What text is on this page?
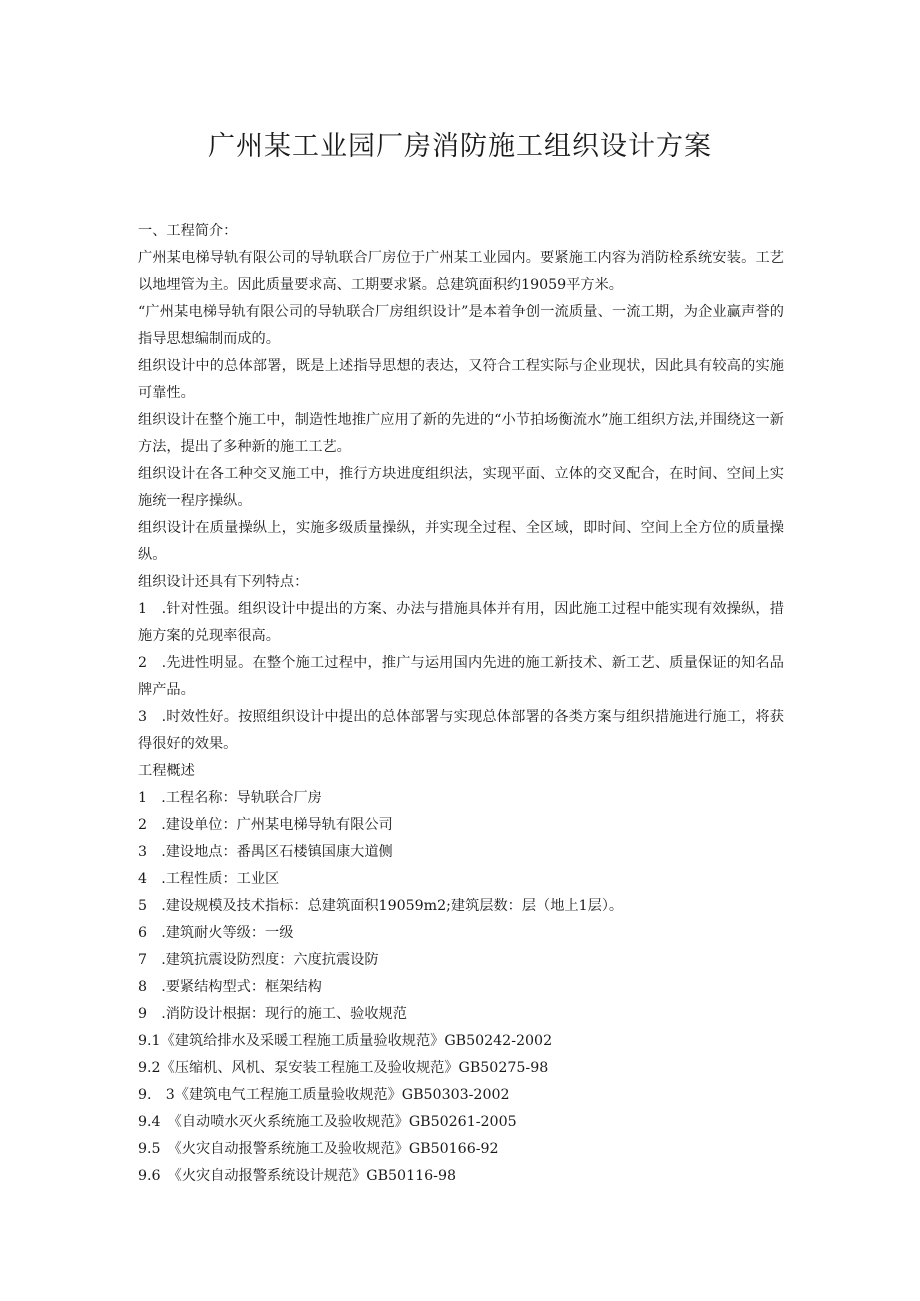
广州某工业园厂房消防施工组织设计方案

一、工程简介：

广州某电梯导轨有限公司的导轨联合厂房位于广州某工业园内。要紧施工内容为消防栓系统安装。工艺以地埋管为主。因此质量要求高、工期要求紧。总建筑面积约19059平方米。

“广州某电梯导轨有限公司的导轨联合厂房组织设计”是本着争创一流质量、一流工期，为企业赢声誉的指导思想编制而成的。

组织设计中的总体部署，既是上述指导思想的表达，又符合工程实际与企业现状，因此具有较高的实施可靠性。

组织设计在整个施工中，制造性地推广应用了新的先进的“小节拍场衡流水”施工组织方法,并围绕这一新方法，提出了多种新的施工工艺。

组织设计在各工种交叉施工中，推行方块进度组织法，实现平面、立体的交叉配合，在时间、空间上实施统一程序操纵。

组织设计在质量操纵上，实施多级质量操纵，并实现全过程、全区域，即时间、空间上全方位的质量操纵。

组织设计还具有下列特点：

1　.针对性强。组织设计中提出的方案、办法与措施具体并有用，因此施工过程中能实现有效操纵，措施方案的兑现率很高。

2　.先进性明显。在整个施工过程中，推广与运用国内先进的施工新技术、新工艺、质量保证的知名品牌产品。

3　.时效性好。按照组织设计中提出的总体部署与实现总体部署的各类方案与组织措施进行施工，将获得很好的效果。

工程概述

1　.工程名称：导轨联合厂房

2　.建设单位：广州某电梯导轨有限公司

3　.建设地点：番禺区石楼镇国康大道侧

4　.工程性质：工业区

5　.建设规模及技术指标：总建筑面积19059m2;建筑层数：层（地上1层）。

6　.建筑耐火等级：一级

7　.建筑抗震设防烈度：六度抗震设防

8　.要紧结构型式：框架结构

9　.消防设计根据：现行的施工、验收规范

9.1《建筑给排水及采暖工程施工质量验收规范》GB50242-2002

9.2《压缩机、风机、泵安装工程施工及验收规范》GB50275-98

9.　3《建筑电气工程施工质量验收规范》GB50303-2002

9.4　《自动喷水灭火系统施工及验收规范》GB50261-2005

9.5　《火灾自动报警系统施工及验收规范》GB50166-92

9.6　《火灾自动报警系统设计规范》GB50116-98
